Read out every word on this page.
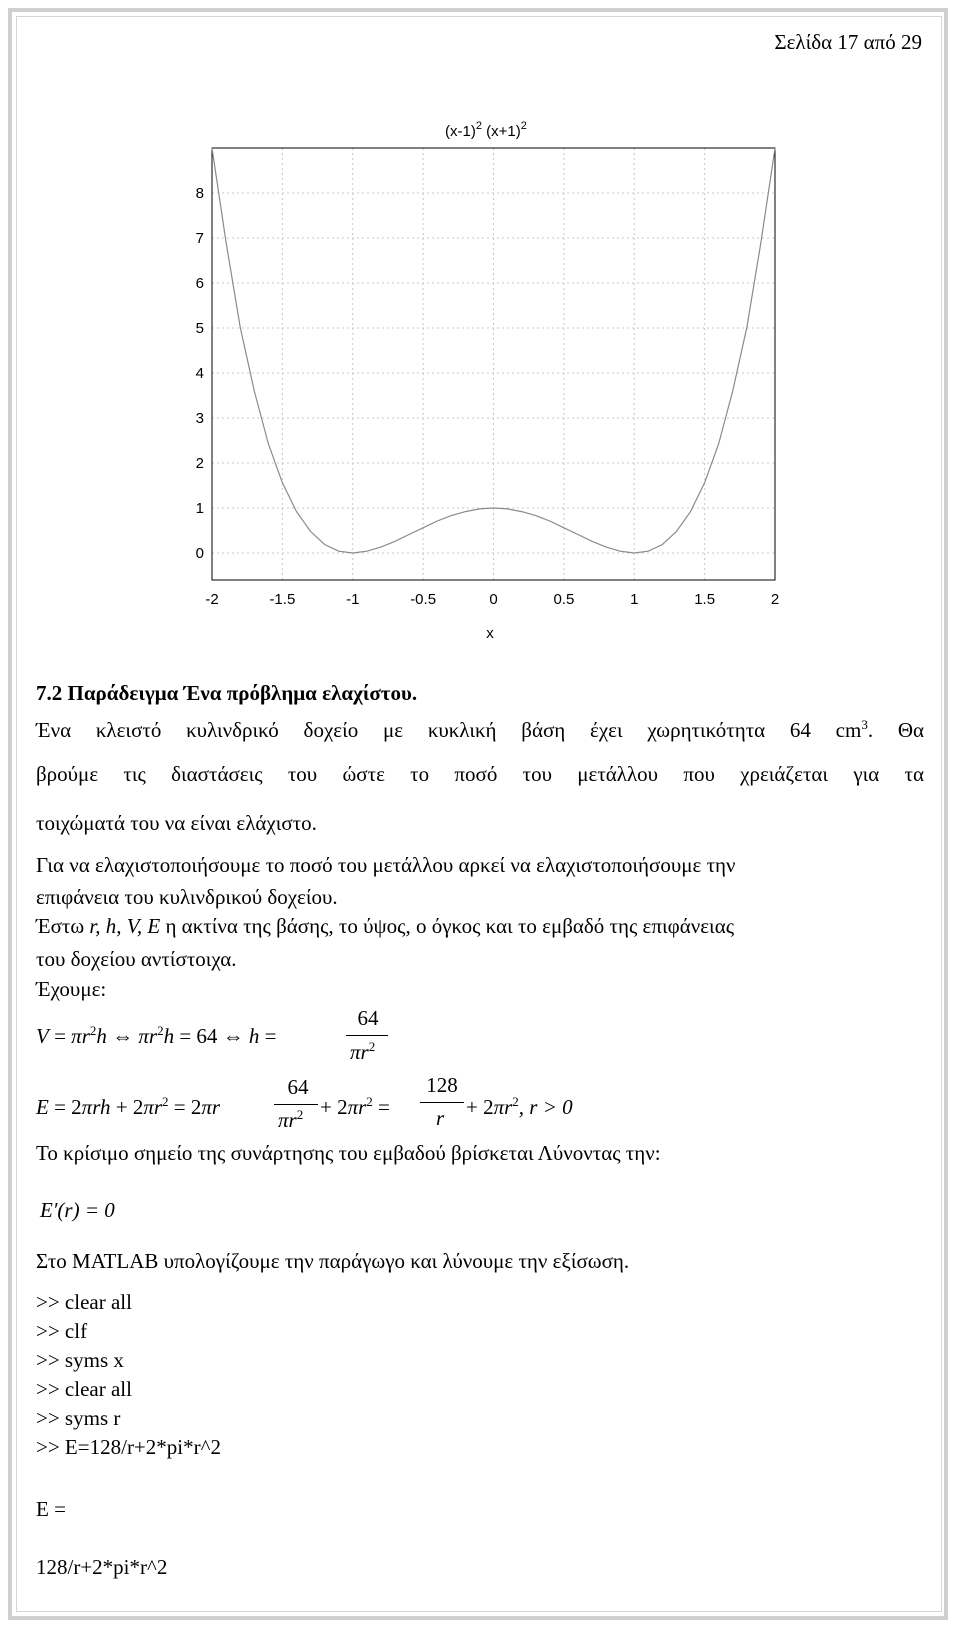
Σελίδα 17 από 29
-2	-1.5	-1	-0.5	0	0.5	1	1.5	2
0
1
2
3
4
5
6
7
8
$(x-1)^2$ $(x+1)^2$
x
7.2 Παράδειγμα Ένα πρόβλημα ελαχίστου.
Ένα κλειστό κυλινδρικό δοχείο με κυκλική βάση έχει χωρητικότητα 64 $cm^3$. Θα
βρούμε τις διαστάσεις του ώστε το ποσό του μετάλλου που χρειάζεται για τα
τοιχώματά του να είναι ελάχιστο.
Για να ελαχιστοποιήσουμε το ποσό του μετάλλου αρκεί να ελαχιστοποιήσουμε την
επιφάνεια του κυλινδρικού δοχείου.
Έστω r, h, V, E η ακτίνα της βάσης, το ύψος, ο όγκος και το εμβαδό της επιφάνειας
του δοχείου αντίστοιχα.
Έχουμε:
$V = \pi r^2h$ ⇔ $\pi r^2h = 64$ ⇔ h =
64
$\pi r^2$
$E = 2\pi rh + 2\pi r^2 = 2\pi r$
64
$\pi r^2 + 2\pi r^2$ =
128
$r + 2\pi r^2$, r > 0
Το κρίσιμο σημείο της συνάρτησης του εμβαδού βρίσκεται Λύνοντας την:
E′(r) = 0
Στο MATLAB υπολογίζουμε την παράγωγο και λύνουμε την εξίσωση.
>> clear all
>> clf
>> syms x
>> clear all
>> syms r
>> E=128/r+2*pi*r^2
E =
128/r+2*pi*r^2
